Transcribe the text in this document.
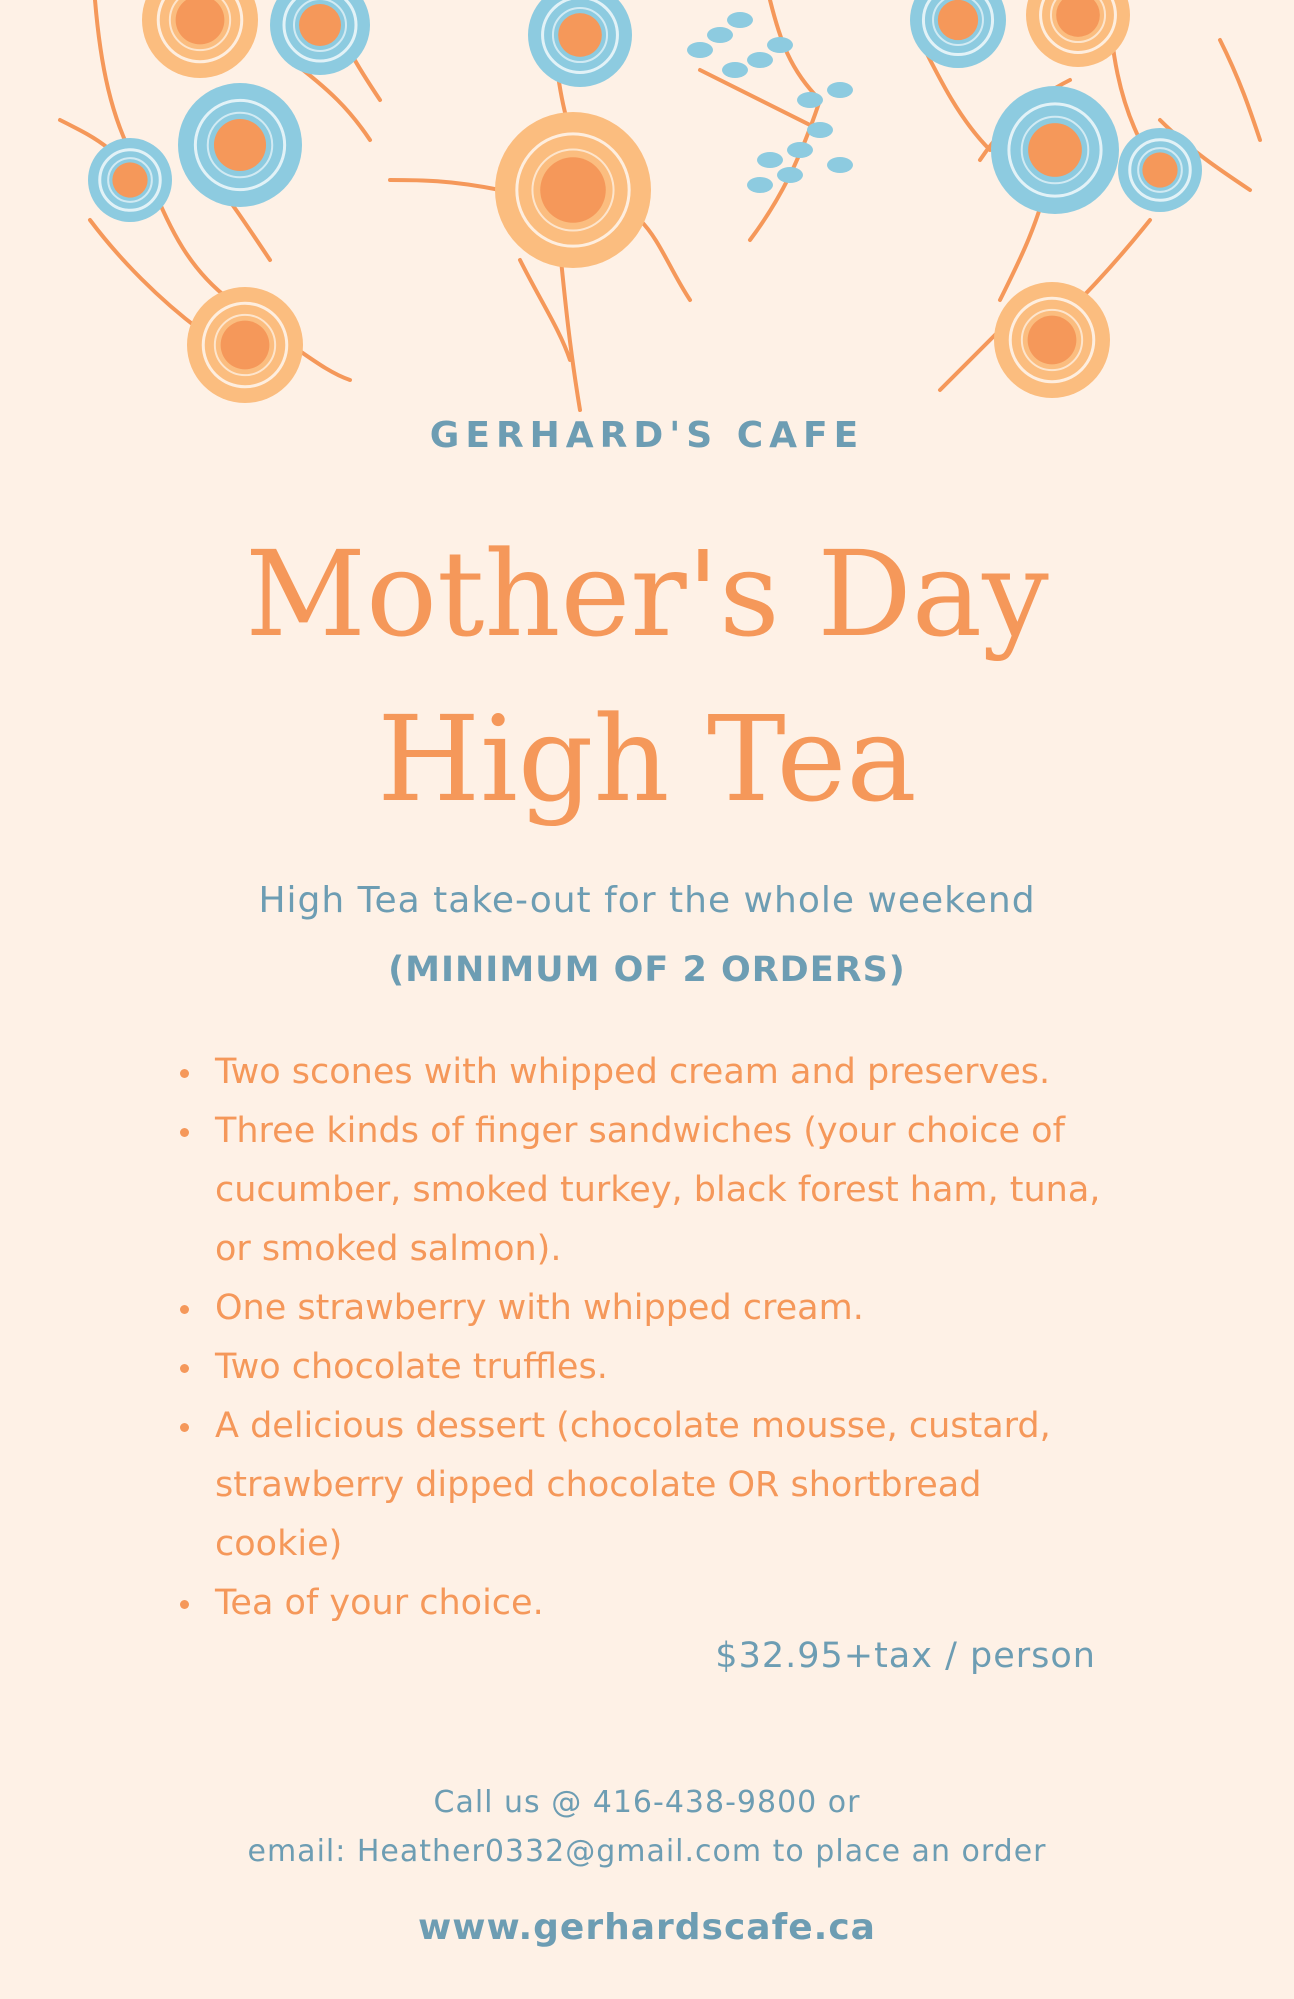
GERHARD'S CAFE
Mother's Day
High Tea
High Tea take-out for the whole weekend
(MINIMUM OF 2 ORDERS)
Two scones with whipped cream and preserves.
Three kinds of finger sandwiches (your choice of
cucumber, smoked turkey, black forest ham, tuna,
or smoked salmon).
One strawberry with whipped cream.
Two chocolate truffles.
A delicious dessert (chocolate mousse, custard,
strawberry dipped chocolate OR shortbread
cookie)
Tea of your choice.
$32.95+tax / person
Call us @ 416-438-9800 or
email: Heather0332@gmail.com to place an order
www.gerhardscafe.ca
